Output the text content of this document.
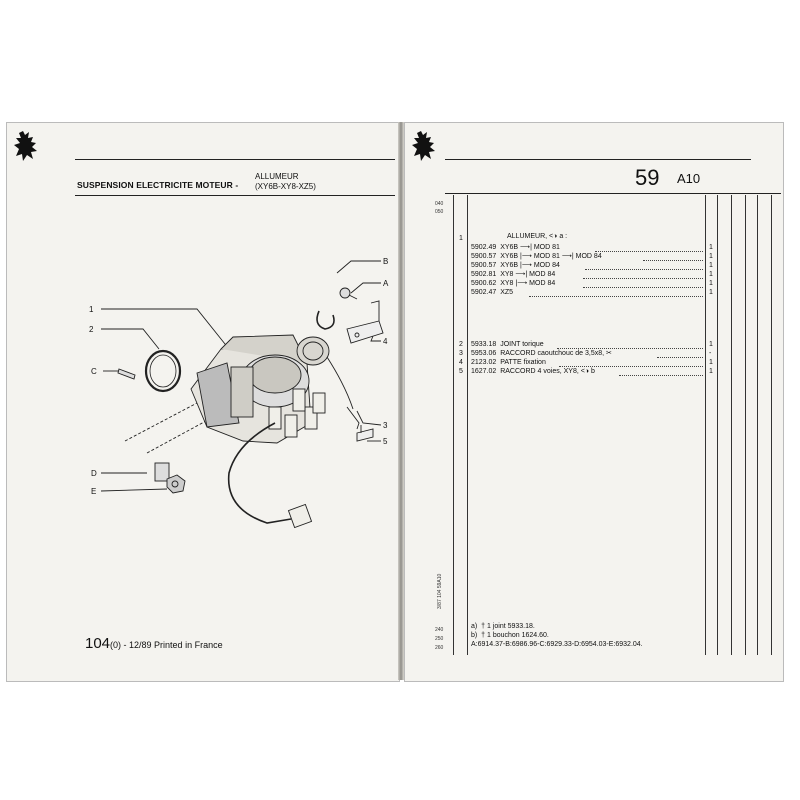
SUSPENSION ELECTRICITE MOTEUR -
ALLUMEUR
(XY6B-XY8-XZ5)
1
2
C
D
E
B
A
4
3
5
104(0) - 12/89 Printed in France
59 A10
040
050
1	ALLUMEUR, <◑ a :
5902.49 XY6B ⟶| MOD 81	1
5900.57 XY6B |⟶ MOD 81 ⟶| MOD 84	1
5900.57 XY6B |⟶ MOD 84	1
5902.81 XY8 ⟶| MOD 84	1
5900.62 XY8 |⟶ MOD 84	1
5902.47 XZ5	1
2 5933.18 JOINT torique	1
3 5953.06 RACCORD caoutchouc de 3,5x8, ✂	-
4 2123.02 PATTE fixation	1
5 1627.02 RACCORD 4 voies, XY8, <◑ b	1
3/87 104 59A10
240
250
260
a) † 1 joint 5933.18.
b) † 1 bouchon 1624.60.
A:6914.37-B:6986.96-C:6929.33-D:6954.03-E:6932.04.
